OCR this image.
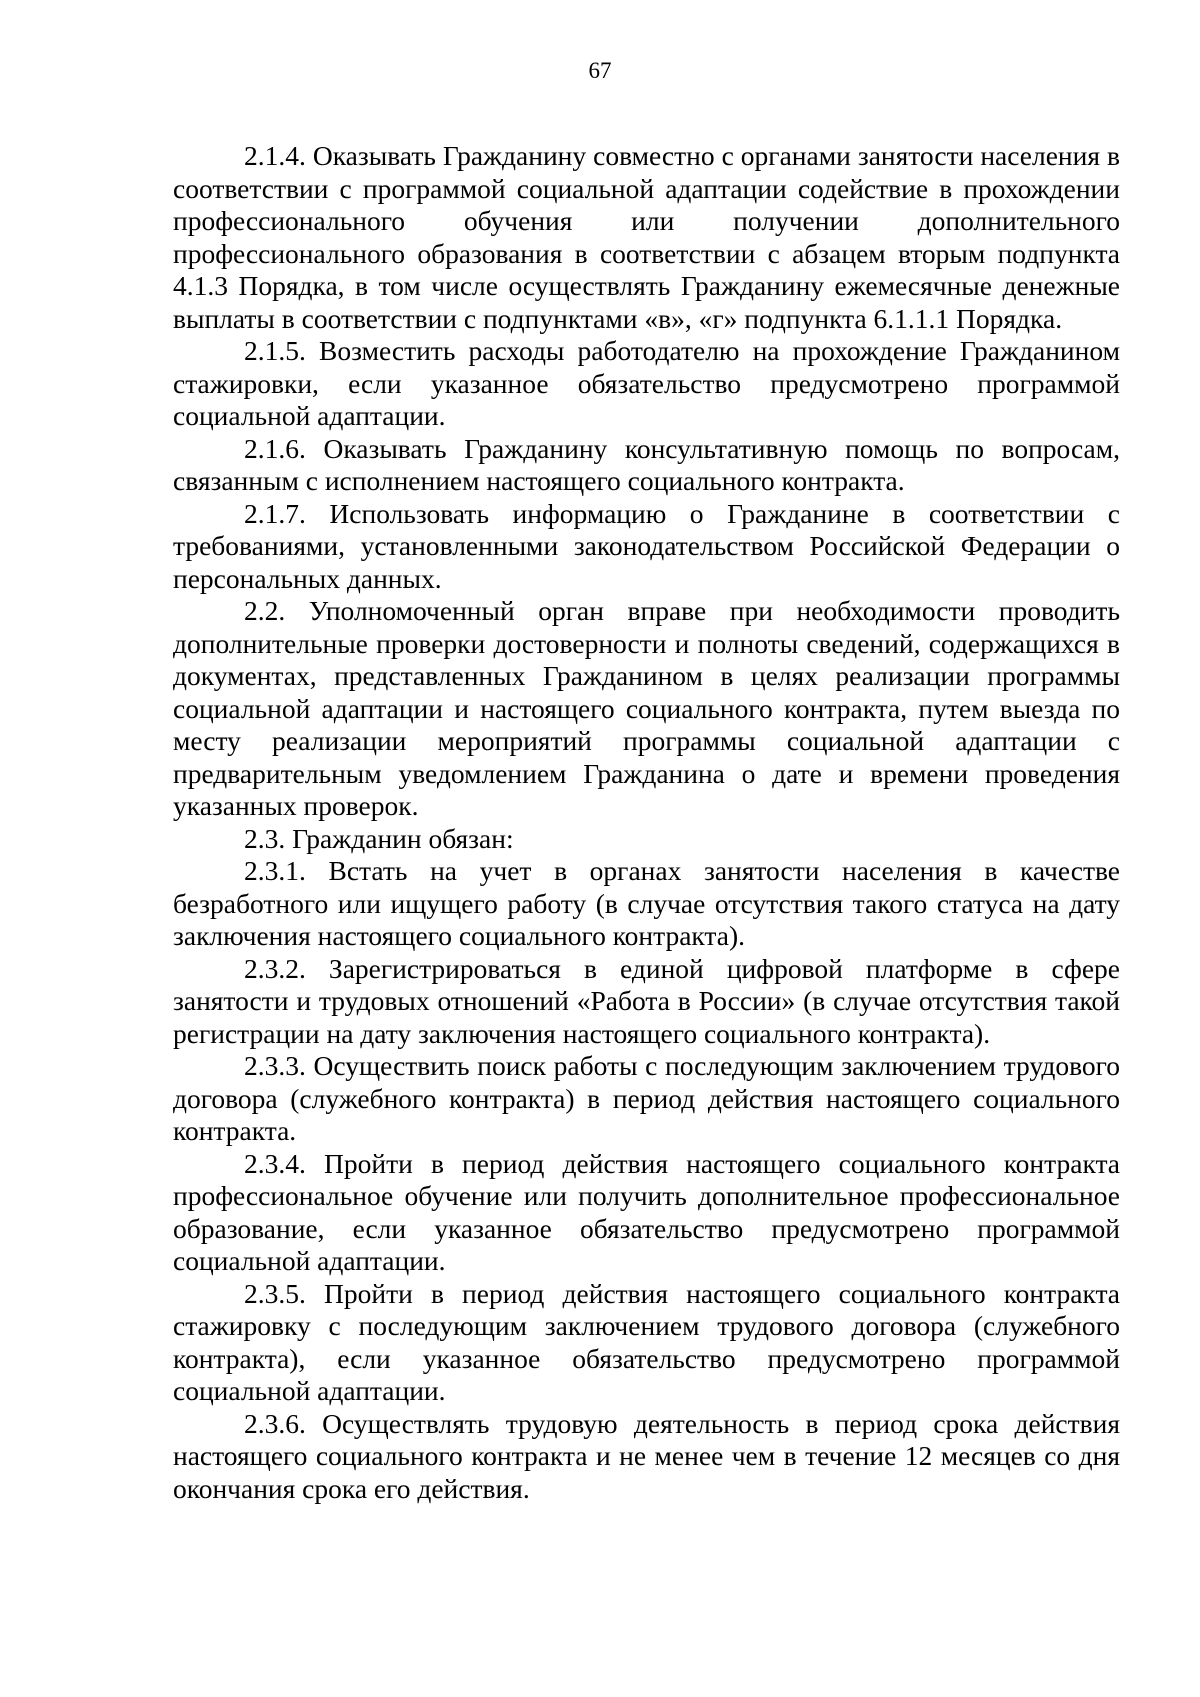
67

2.1.4. Оказывать Гражданину совместно с органами занятости населения в соответствии с программой социальной адаптации содействие в прохождении профессионального обучения или получении дополнительного профессионального образования в соответствии с абзацем вторым подпункта 4.1.3 Порядка, в том числе осуществлять Гражданину ежемесячные денежные выплаты в соответствии с подпунктами «в», «г» подпункта 6.1.1.1 Порядка.

2.1.5. Возместить расходы работодателю на прохождение Гражданином стажировки, если указанное обязательство предусмотрено программой социальной адаптации.

2.1.6. Оказывать Гражданину консультативную помощь по вопросам, связанным с исполнением настоящего социального контракта.

2.1.7. Использовать информацию о Гражданине в соответствии с требованиями, установленными законодательством Российской Федерации о персональных данных.

2.2. Уполномоченный орган вправе при необходимости проводить дополнительные проверки достоверности и полноты сведений, содержащихся в документах, представленных Гражданином в целях реализации программы социальной адаптации и настоящего социального контракта, путем выезда по месту реализации мероприятий программы социальной адаптации с предварительным уведомлением Гражданина о дате и времени проведения указанных проверок.

2.3. Гражданин обязан:

2.3.1. Встать на учет в органах занятости населения в качестве безработного или ищущего работу (в случае отсутствия такого статуса на дату заключения настоящего социального контракта).

2.3.2. Зарегистрироваться в единой цифровой платформе в сфере занятости и трудовых отношений «Работа в России» (в случае отсутствия такой регистрации на дату заключения настоящего социального контракта).

2.3.3. Осуществить поиск работы с последующим заключением трудового договора (служебного контракта) в период действия настоящего социального контракта.

2.3.4. Пройти в период действия настоящего социального контракта профессиональное обучение или получить дополнительное профессиональное образование, если указанное обязательство предусмотрено программой социальной адаптации.

2.3.5. Пройти в период действия настоящего социального контракта стажировку с последующим заключением трудового договора (служебного контракта), если указанное обязательство предусмотрено программой социальной адаптации.

2.3.6. Осуществлять трудовую деятельность в период срока действия настоящего социального контракта и не менее чем в течение 12 месяцев со дня окончания срока его действия.
